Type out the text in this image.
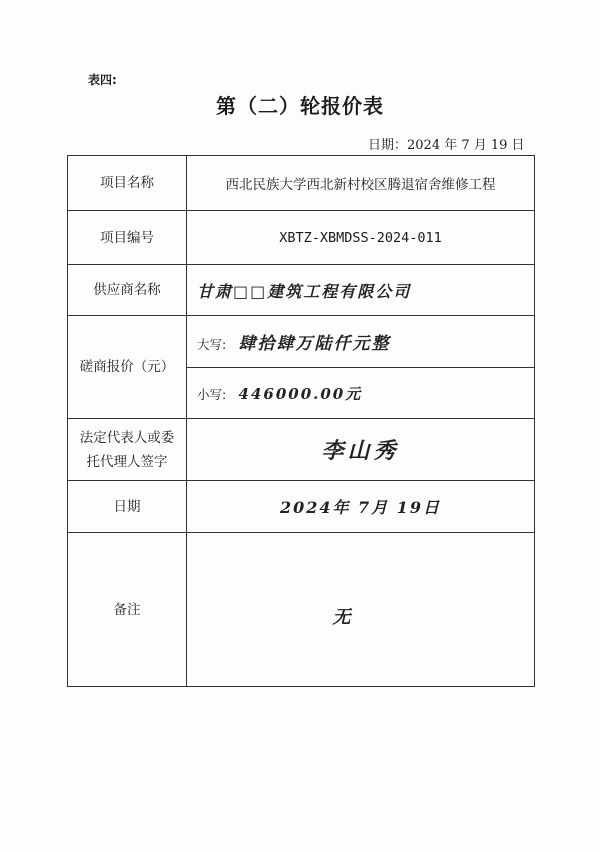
表四:
第（二）轮报价表
日期：2024 年 7 月 19 日
项目名称	西北民族大学西北新村校区腾退宿舍维修工程
项目编号	XBTZ-XBMDSS-2024-011
供应商名称	甘肃□□建筑工程有限公司
磋商报价（元）	大写: 肆拾肆万陆仟元整
	小写: 446000.00元

法定代表人或委
托代理人签字	李山秀
日期	2024年 7月 19日
备注	无
